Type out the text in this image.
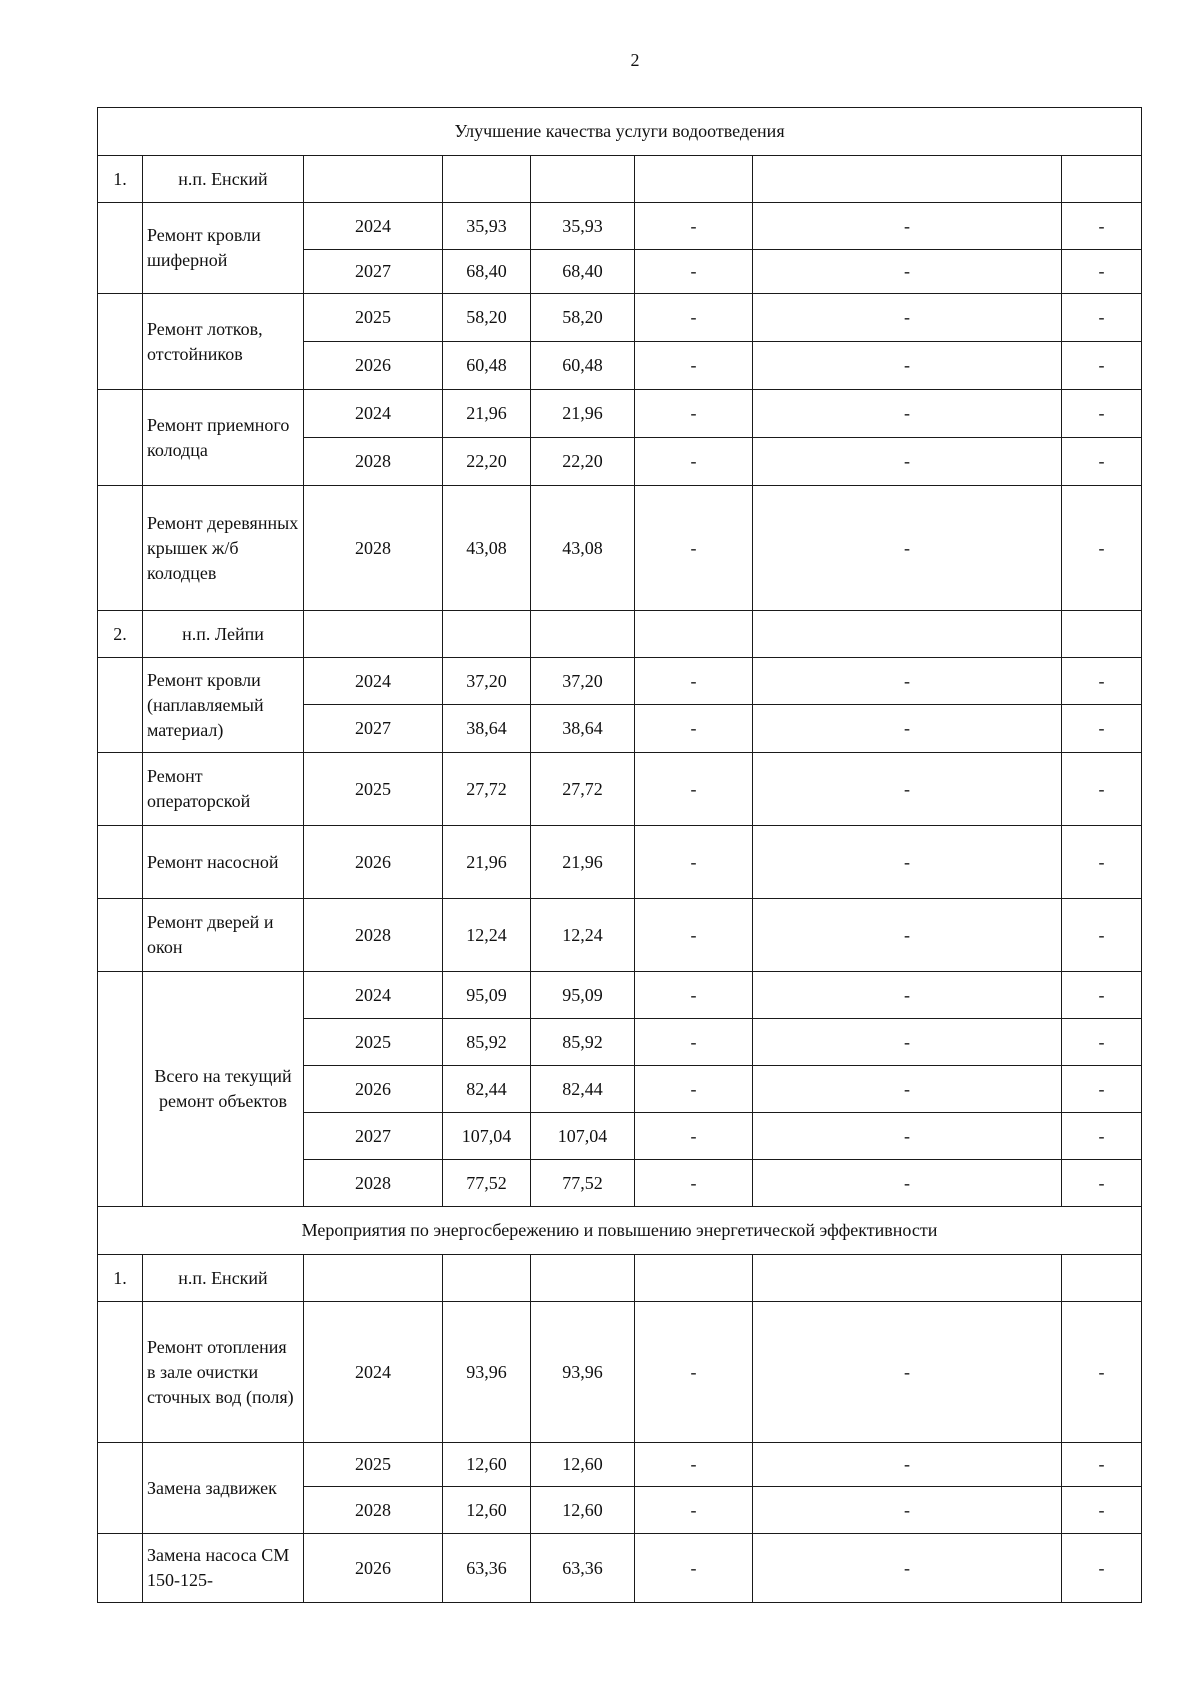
2
Улучшение качества услуги водоотведения							
1.	н.п. Енский						
	Ремонт кровли шиферной	2024	35,93	35,93	-	-	-
		2027	68,40	68,40	-	-	-
	Ремонт лотков, отстойников	2025	58,20	58,20	-	-	-
		2026	60,48	60,48	-	-	-
	Ремонт приемного колодца	2024	21,96	21,96	-	-	-
		2028	22,20	22,20	-	-	-
	Ремонт деревянных крышек ж/б колодцев	2028	43,08	43,08	-	-	-
2.	н.п. Лейпи						
	Ремонт кровли (наплавляемый материал)	2024	37,20	37,20	-	-	-
		2027	38,64	38,64	-	-	-
	Ремонт операторской	2025	27,72	27,72	-	-	-
	Ремонт насосной	2026	21,96	21,96	-	-	-
	Ремонт дверей и окон	2028	12,24	12,24	-	-	-
	Всего на текущий ремонт объектов	2024	95,09	95,09	-	-	-
		2025	85,92	85,92	-	-	-
		2026	82,44	82,44	-	-	-
		2027	107,04	107,04	-	-	-
		2028	77,52	77,52	-	-	-
Мероприятия по энергосбережению и повышению энергетической эффективности							
1.	н.п. Енский						
	Ремонт отопления в зале очистки сточных вод (поля)	2024	93,96	93,96	-	-	-
	Замена задвижек	2025	12,60	12,60	-	-	-
		2028	12,60	12,60	-	-	-
	Замена насоса СМ 150-125-	2026	63,36	63,36	-	-	-
